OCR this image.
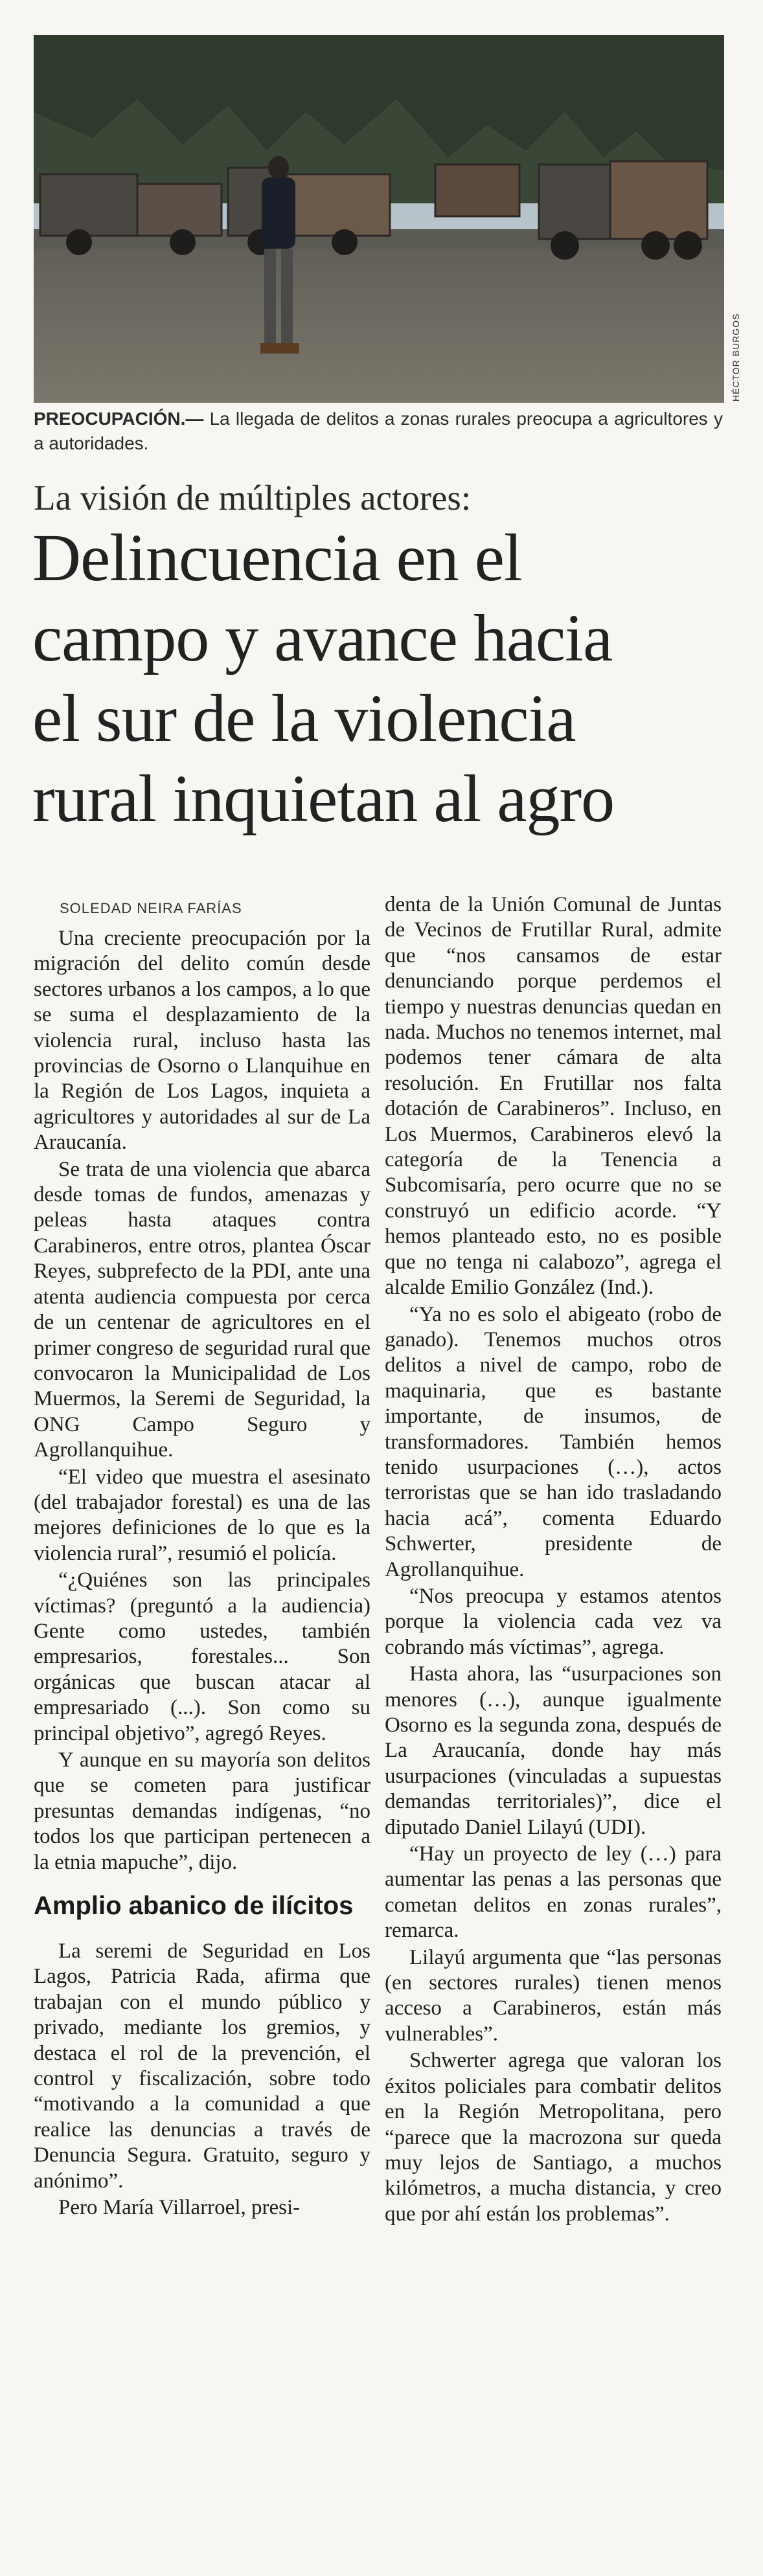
HÉCTOR BURGOS
PREOCUPACIÓN.— La llegada de delitos a zonas rurales preocupa a agricultores y a autoridades.
La visión de múltiples actores:
Delincuencia en el
campo y avance hacia
el sur de la violencia
rural inquietan al agro
SOLEDAD NEIRA FARÍAS

Una creciente preocupación por la migración del delito común desde sectores urbanos a los campos, a lo que se suma el desplazamiento de la violencia rural, incluso hasta las provincias de Osorno o Llanquihue en la Región de Los Lagos, inquieta a agricultores y autoridades al sur de La Araucanía.

Se trata de una violencia que abarca desde tomas de fundos, amenazas y peleas hasta ataques contra Carabineros, entre otros, plantea Óscar Reyes, subprefecto de la PDI, ante una atenta audiencia compuesta por cerca de un centenar de agricultores en el primer congreso de seguridad rural que convocaron la Municipalidad de Los Muermos, la Seremi de Seguridad, la ONG Campo Seguro y Agrollanquihue.

“El video que muestra el asesinato (del trabajador forestal) es una de las mejores definiciones de lo que es la violencia rural”, resumió el policía.

“¿Quiénes son las principales víctimas? (preguntó a la audiencia) Gente como ustedes, también empresarios, forestales... Son orgánicas que buscan atacar al empresariado (...). Son como su principal objetivo”, agregó Reyes.

Y aunque en su mayoría son delitos que se cometen para justificar presuntas demandas indígenas, “no todos los que participan pertenecen a la etnia mapuche”, dijo.

Amplio abanico de ilícitos

La seremi de Seguridad en Los Lagos, Patricia Rada, afirma que trabajan con el mundo público y privado, mediante los gremios, y destaca el rol de la prevención, el control y fiscalización, sobre todo “motivando a la comunidad a que realice las denuncias a través de Denuncia Segura. Gratuito, seguro y anónimo”.

Pero María Villarroel, presi-

denta de la Unión Comunal de Juntas de Vecinos de Frutillar Rural, admite que “nos cansamos de estar denunciando porque perdemos el tiempo y nuestras denuncias quedan en nada. Muchos no tenemos internet, mal podemos tener cámara de alta resolución. En Frutillar nos falta dotación de Carabineros”. Incluso, en Los Muermos, Carabineros elevó la categoría de la Tenencia a Subcomisaría, pero ocurre que no se construyó un edificio acorde. “Y hemos planteado esto, no es posible que no tenga ni calabozo”, agrega el alcalde Emilio González (Ind.).

“Ya no es solo el abigeato (robo de ganado). Tenemos muchos otros delitos a nivel de campo, robo de maquinaria, que es bastante importante, de insumos, de transformadores. También hemos tenido usurpaciones (…), actos terroristas que se han ido trasladando hacia acá”, comenta Eduardo Schwerter, presidente de Agrollanquihue.

“Nos preocupa y estamos atentos porque la violencia cada vez va cobrando más víctimas”, agrega.

Hasta ahora, las “usurpaciones son menores (…), aunque igualmente Osorno es la segunda zona, después de La Araucanía, donde hay más usurpaciones (vinculadas a supuestas demandas territoriales)”, dice el diputado Daniel Lilayú (UDI).

“Hay un proyecto de ley (…) para aumentar las penas a las personas que cometan delitos en zonas rurales”, remarca.

Lilayú argumenta que “las personas (en sectores rurales) tienen menos acceso a Carabineros, están más vulnerables”.

Schwerter agrega que valoran los éxitos policiales para combatir delitos en la Región Metropolitana, pero “parece que la macrozona sur queda muy lejos de Santiago, a muchos kilómetros, a mucha distancia, y creo que por ahí están los problemas”.
